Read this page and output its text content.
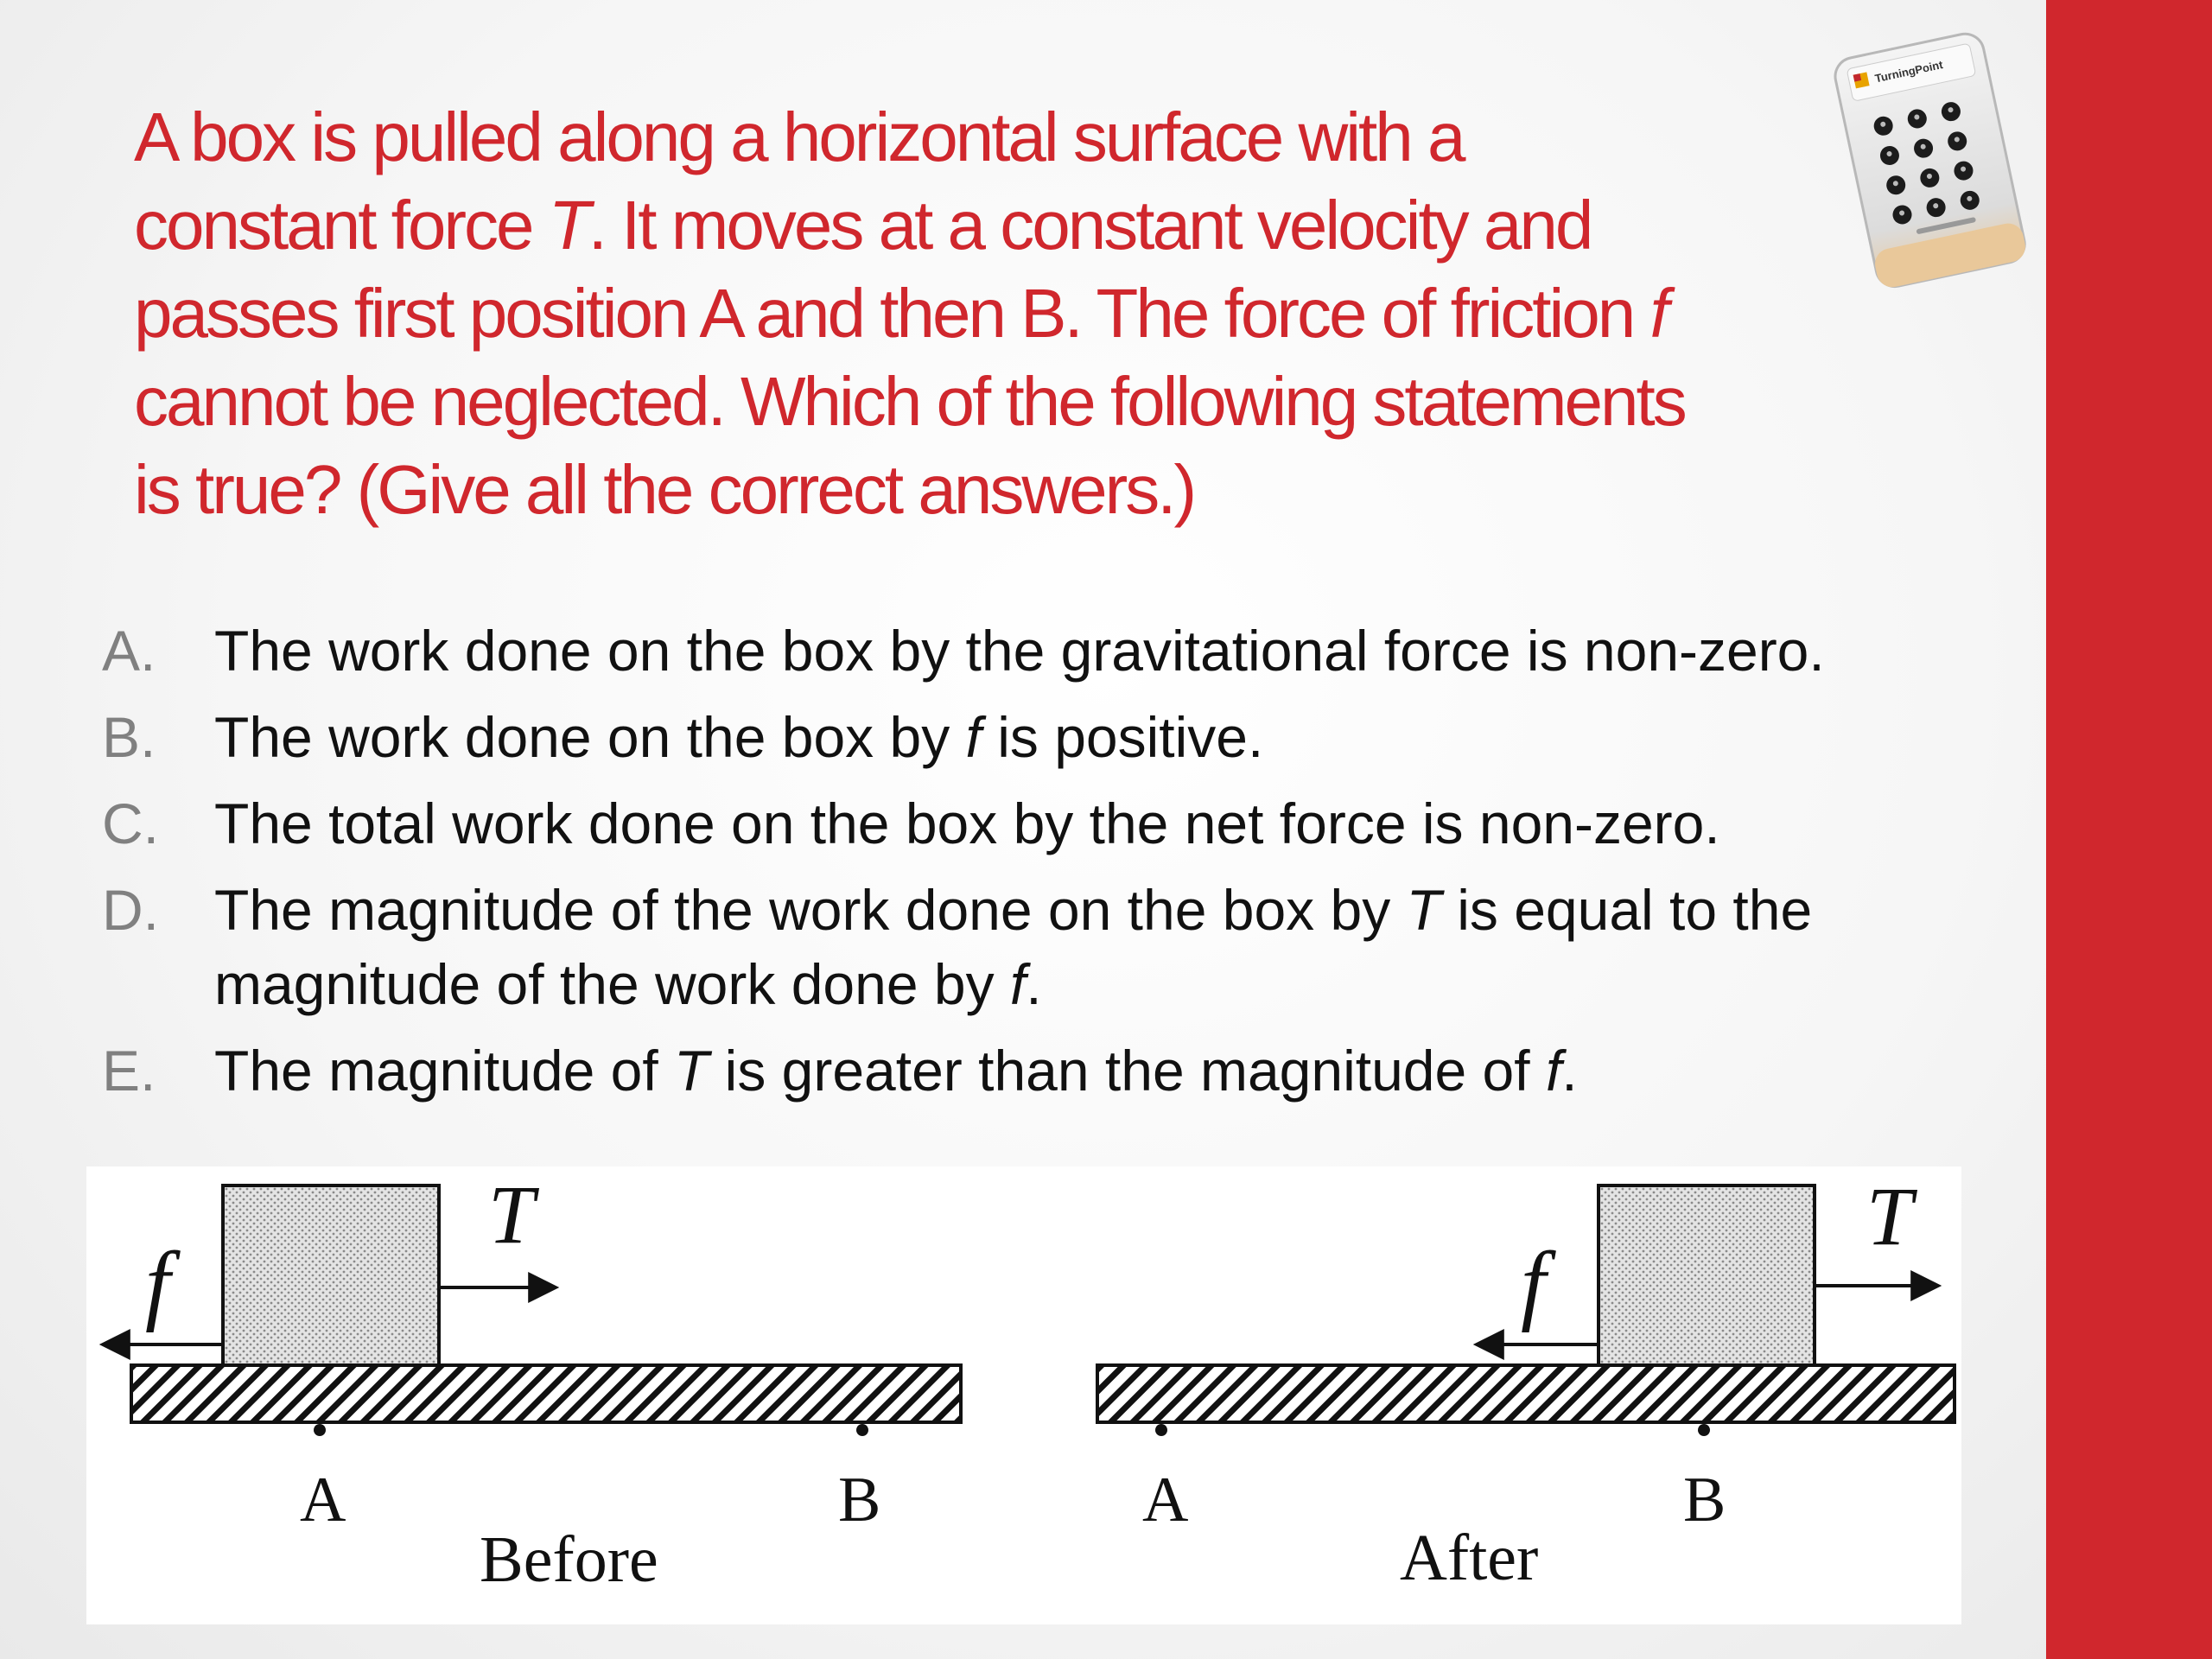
A box is pulled along a horizontal surface with a
constant force T. It moves at a constant velocity and
passes first position A and then B. The force of friction f
cannot be neglected. Which of the following statements
is true? (Give all the correct answers.)
A.	The work done on the box by the gravitational force is non-zero.
B.	The work done on the box by f is positive.
C. The total work done on the box by the net force is non-zero.
D. The magnitude of the work done on the box by T is equal to the magnitude of the work done by f.
E.	The magnitude of T is greater than the magnitude of f.
TurningPoint
T
f
A	B
Before
T
f
A	B
After
